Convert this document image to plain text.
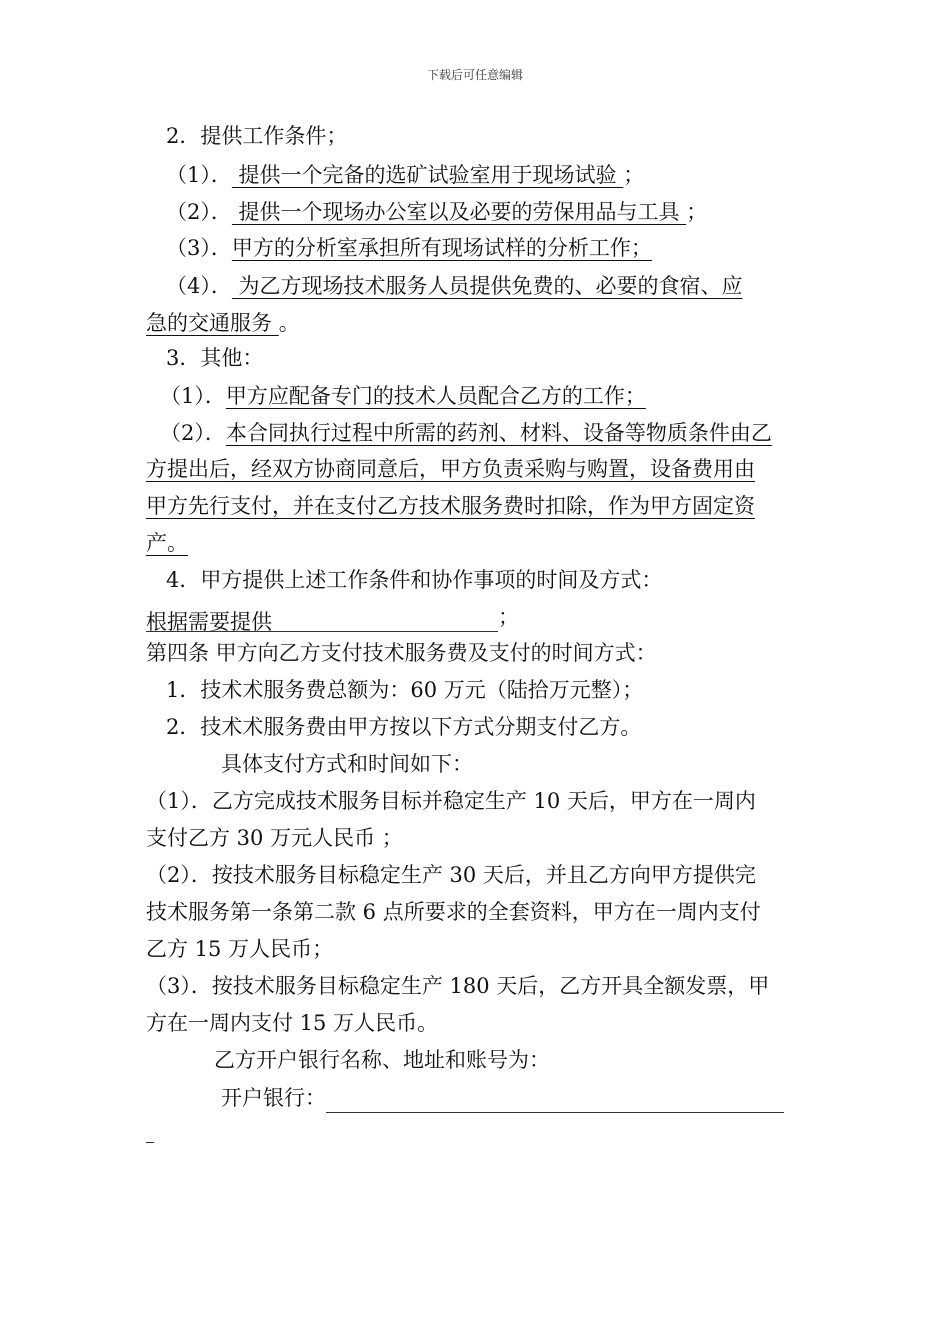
下载后可任意编辑
2．提供工作条件；
（1）． 提供一个完备的选矿试验室用于现场试验 ；
（2）． 提供一个现场办公室以及必要的劳保用品与工具 ；
（3）．甲方的分析室承担所有现场试样的分析工作；
（4）． 为乙方现场技术服务人员提供免费的、必要的食宿、应
急的交通服务 。
3．其他：
（1）．甲方应配备专门的技术人员配合乙方的工作；
（2）．本合同执行过程中所需的药剂、材料、设备等物质条件由乙
方提出后，经双方协商同意后，甲方负责采购与购置，设备费用由
甲方先行支付，并在支付乙方技术服务费时扣除，作为甲方固定资
产。
4．甲方提供上述工作条件和协作事项的时间及方式：
根据需要提供	；
第四条 甲方向乙方支付技术服务费及支付的时间方式：
1．技术术服务费总额为：60 万元（陆拾万元整）；
2．技术术服务费由甲方按以下方式分期支付乙方。
具体支付方式和时间如下：
（1）．乙方完成技术服务目标并稳定生产 10 天后，甲方在一周内
支付乙方 30 万元人民币 ；
（2）．按技术服务目标稳定生产 30 天后，并且乙方向甲方提供完
技术服务第一条第二款 6 点所要求的全套资料，甲方在一周内支付
乙方 15 万人民币；
（3）．按技术服务目标稳定生产 180 天后，乙方开具全额发票，甲
方在一周内支付 15 万人民币。
乙方开户银行名称、地址和账号为：
开户银行：
